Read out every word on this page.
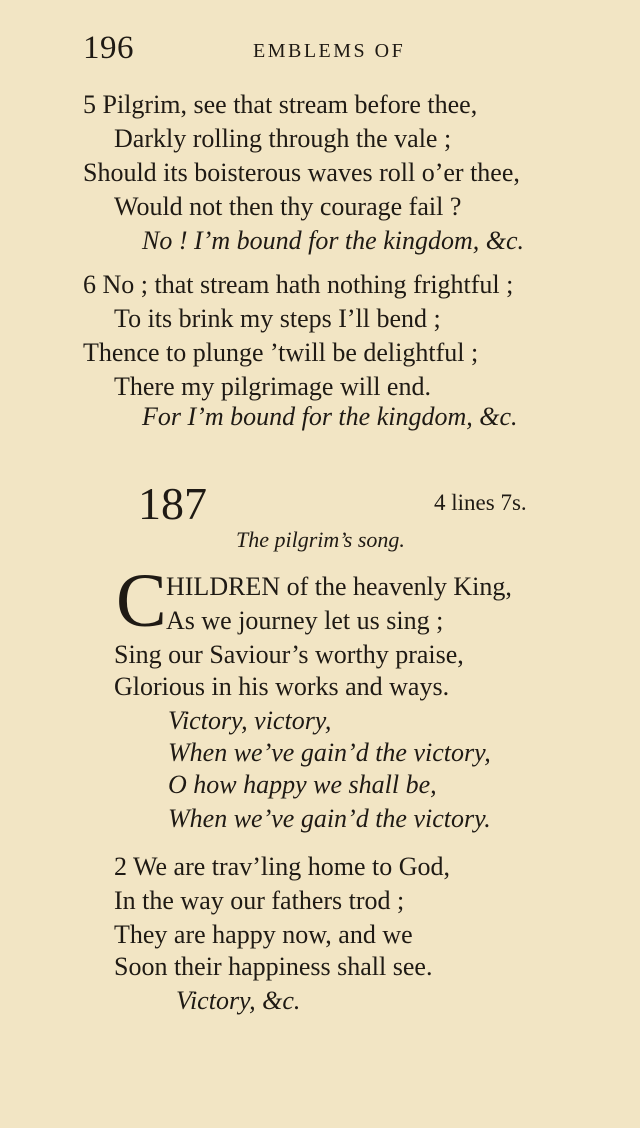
196	EMBLEMS OF
5 Pilgrim, see that stream before thee,
Darkly rolling through the vale ;
Should its boisterous waves roll o’er thee,
Would not then thy courage fail ?
No ! I’m bound for the kingdom, &c.
6 No ; that stream hath nothing frightful ;
To its brink my steps I’ll bend ;
Thence to plunge ’twill be delightful ;
There my pilgrimage will end.
For I’m bound for the kingdom, &c.
187	4 lines 7s.
The pilgrim’s song.
C HILDREN of the heavenly King,
As we journey let us sing ;
Sing our Saviour’s worthy praise,
Glorious in his works and ways.
Victory, victory,
When we’ve gain’d the victory,
O how happy we shall be,
When we’ve gain’d the victory.
2 We are trav’ling home to God,
In the way our fathers trod ;
They are happy now, and we
Soon their happiness shall see.
Victory, &c.
